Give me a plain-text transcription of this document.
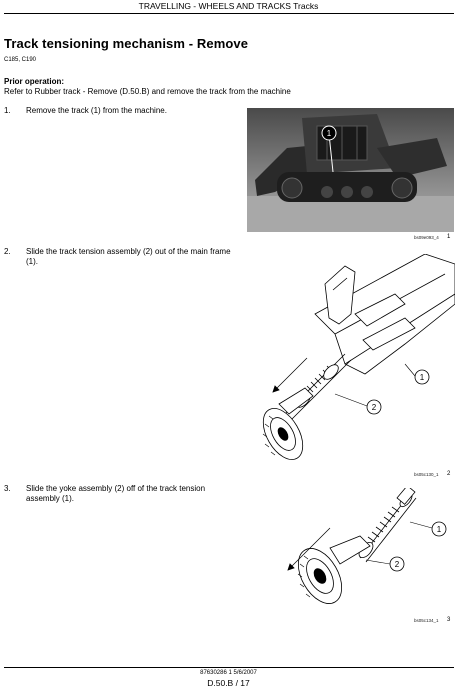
TRAVELLING - WHEELS AND TRACKS Tracks
Track tensioning mechanism - Remove
C185, C190
Prior operation:
Refer to Rubber track - Remove (D.50.B) and remove the track from the machine
1. Remove the track (1) from the machine.
1
bs09e093_4 1
2. Slide the track tension assembly (2) out of the main frame (1).
1
2
bs05c130_1 2
3. Slide the yoke assembly (2) off of the track tension assembly (1).
1
2
bs05c134_1 3
87630286 1 5/6/2007
D.50.B / 17
